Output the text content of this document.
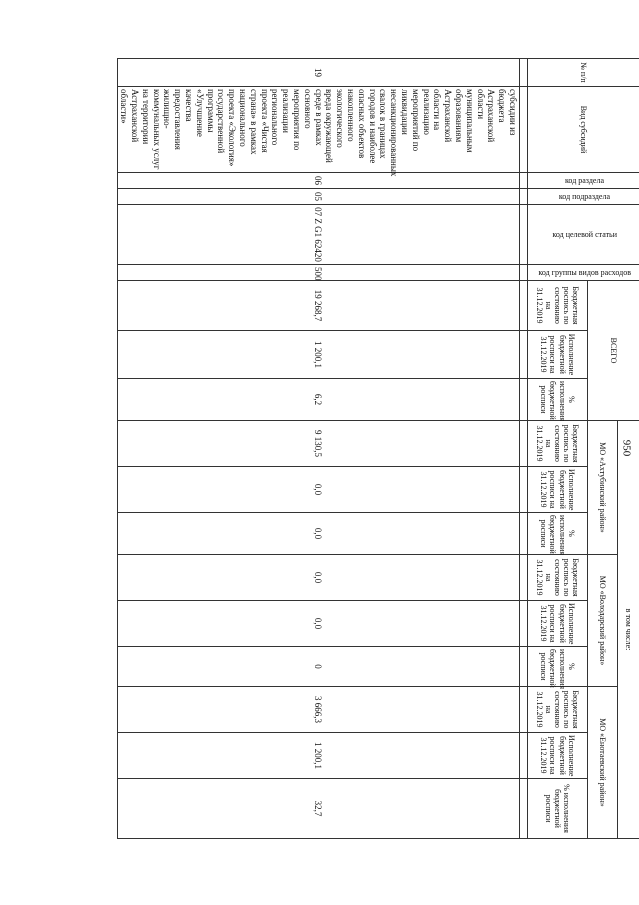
950
№ п/п	Вид субсидий	код раздела	код подраздела	код целевой статьи	код группы видов расходов	ВСЕГО			в том числе:								
									МО «Ахтубинский район»			МО «Володарский район»			МО «Енотаевский район»		
						Бюджетная роспись по состоянию на 31.12.2019	Исполнение бюджетной росписи на 31.12.2019	% исполнения бюджетной росписи	Бюджетная роспись по состоянию на 31.12.2019	Исполнение бюджетной росписи на 31.12.2019	% исполнения бюджетной росписи	Бюджетная роспись по состоянию на 31.12.2019	Исполнение бюджетной росписи на 31.12.2019	% исполнения бюджетной росписи	Бюджетная роспись по состоянию на 31.12.2019	Исполнение бюджетной росписи на 31.12.2019	% исполнения бюджетной росписи

19	субсидии из бюджета Астраханской области муниципальным образованиям Астраханской области на реализацию мероприятий по ликвидации несанкционированных свалок в границах городов и наиболее опасных объектов накопленного экологического вреда окружающей среде в рамках основного мероприятия по реализации регионального проекта «Чистая страна» в рамках национального проекта «Экология» государственной программы «Улучшение качества предоставления жилищно-коммунальных услуг на территории Астраханской области»	06	05	07 Z G1 62420	500	19 268,7	1 200,1	6,2	9 130,5	0,0	0,0	0,0	0,0	0	3 666,3	1 200,1	32,7
